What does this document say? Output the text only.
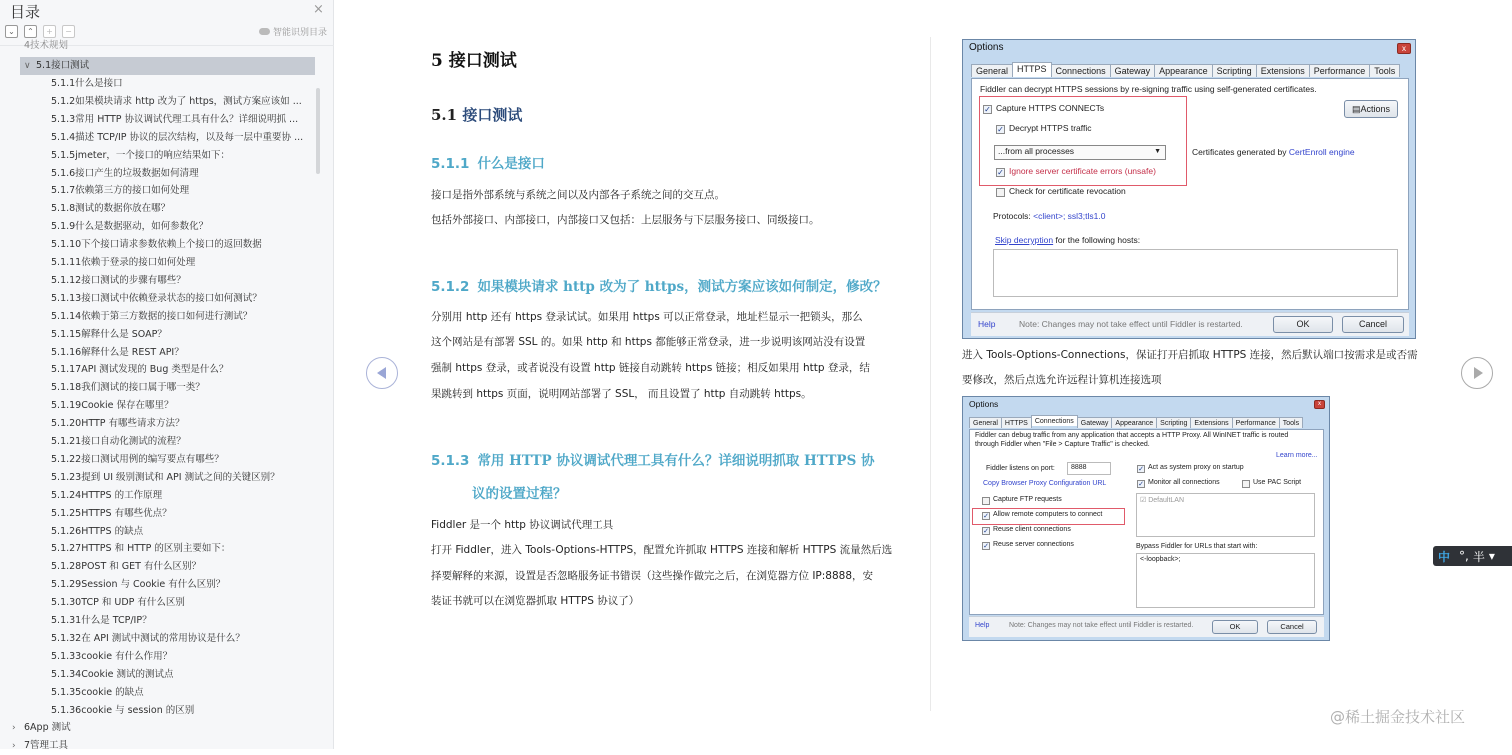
目录	×
⌄	⌃	+	−	智能识别目录
4技术规划
∨ 5.1接口测试
5.1.1什么是接口
5.1.2如果模块请求 http 改为了 https，测试方案应该如 ...
5.1.3常用 HTTP 协议调试代理工具有什么？详细说明抓 ...
5.1.4描述 TCP/IP 协议的层次结构，以及每一层中重要协 ...
5.1.5jmeter，一个接口的响应结果如下：
5.1.6接口产生的垃圾数据如何清理
5.1.7依赖第三方的接口如何处理
5.1.8测试的数据你放在哪？
5.1.9什么是数据驱动，如何参数化？
5.1.10下个接口请求参数依赖上个接口的返回数据
5.1.11依赖于登录的接口如何处理
5.1.12接口测试的步骤有哪些？
5.1.13接口测试中依赖登录状态的接口如何测试？
5.1.14依赖于第三方数据的接口如何进行测试？
5.1.15解释什么是 SOAP？
5.1.16解释什么是 REST API？
5.1.17API 测试发现的 Bug 类型是什么？
5.1.18我们测试的接口属于哪一类？
5.1.19Cookie 保存在哪里？
5.1.20HTTP 有哪些请求方法？
5.1.21接口自动化测试的流程？
5.1.22接口测试用例的编写要点有哪些？
5.1.23提到 UI 级别测试和 API 测试之间的关键区别？
5.1.24HTTPS 的工作原理
5.1.25HTTPS 有哪些优点？
5.1.26HTTPS 的缺点
5.1.27HTTPS 和 HTTP 的区别主要如下：
5.1.28POST 和 GET 有什么区别？
5.1.29Session 与 Cookie 有什么区别？
5.1.30TCP 和 UDP 有什么区别
5.1.31什么是 TCP/IP？
5.1.32在 API 测试中测试的常用协议是什么？
5.1.33cookie 有什么作用？
5.1.34Cookie 测试的测试点
5.1.35cookie 的缺点
5.1.36cookie 与 session 的区别
› 6App 测试
› 7管理工具
5 接口测试
5.1 接口测试
5.1.1 什么是接口
接口是指外部系统与系统之间以及内部各子系统之间的交互点。
包括外部接口、内部接口，内部接口又包括：上层服务与下层服务接口、同级接口。
5.1.2 如果模块请求 http 改为了 https，测试方案应该如何制定，修改？
分别用 http 还有 https 登录试试。如果用 https 可以正常登录，地址栏显示一把锁头，那么
这个网站是有部署 SSL 的。如果 http 和 https 都能够正常登录，进一步说明该网站没有设置
强制 https 登录，或者说没有设置 http 链接自动跳转 https 链接；相反如果用 http 登录，结
果跳转到 https 页面，说明网站部署了 SSL， 而且设置了 http 自动跳转 https。
5.1.3 常用 HTTP 协议调试代理工具有什么？详细说明抓取 HTTPS 协
议的设置过程？
Fiddler 是一个 http 协议调试代理工具
打开 Fiddler，进入 Tools-Options-HTTPS，配置允许抓取 HTTPS 连接和解析 HTTPS 流量然后选
择要解释的来源，设置是否忽略服务证书错误（这些操作做完之后，在浏览器方位 IP:8888，安
装证书就可以在浏览器抓取 HTTPS 协议了）
Options	x
General	HTTPS	Connections	Gateway	Appearance	Scripting	Extensions	Performance	Tools
Fiddler can decrypt HTTPS sessions by re-signing traffic using self-generated certificates.
✓ Capture HTTPS CONNECTs
✓ Decrypt HTTPS traffic
...from all processes	▼
✓ Ignore server certificate errors (unsafe)
Check for certificate revocation
▤Actions
Certificates generated by CertEnroll engine
Protocols: <client>; ssl3;tls1.0
Skip decryption for the following hosts:
Help	Note: Changes may not take effect until Fiddler is restarted.	OK	Cancel
进入 Tools-Options-Connections，保证打开启抓取 HTTPS 连接，然后默认端口按需求是或否需
要修改，然后点选允许远程计算机连接选项
Options	x
General	HTTPS	Connections	Gateway	Appearance	Scripting	Extensions	Performance	Tools
Fiddler can debug traffic from any application that accepts a HTTP Proxy. All WinINET traffic is routed
through Fiddler when "File > Capture Traffic" is checked.
Learn more...
Fiddler listens on port:	8888
Copy Browser Proxy Configuration URL
Capture FTP requests
✓ Allow remote computers to connect
✓ Reuse client connections
✓ Reuse server connections
✓ Act as system proxy on startup
✓ Monitor all connections	Use PAC Script
☑ DefaultLAN
Bypass Fiddler for URLs that start with:
<-loopback>;
Help	Note: Changes may not take effect until Fiddler is restarted.	OK	Cancel
中 °, 半 ▾
@稀土掘金技术社区
